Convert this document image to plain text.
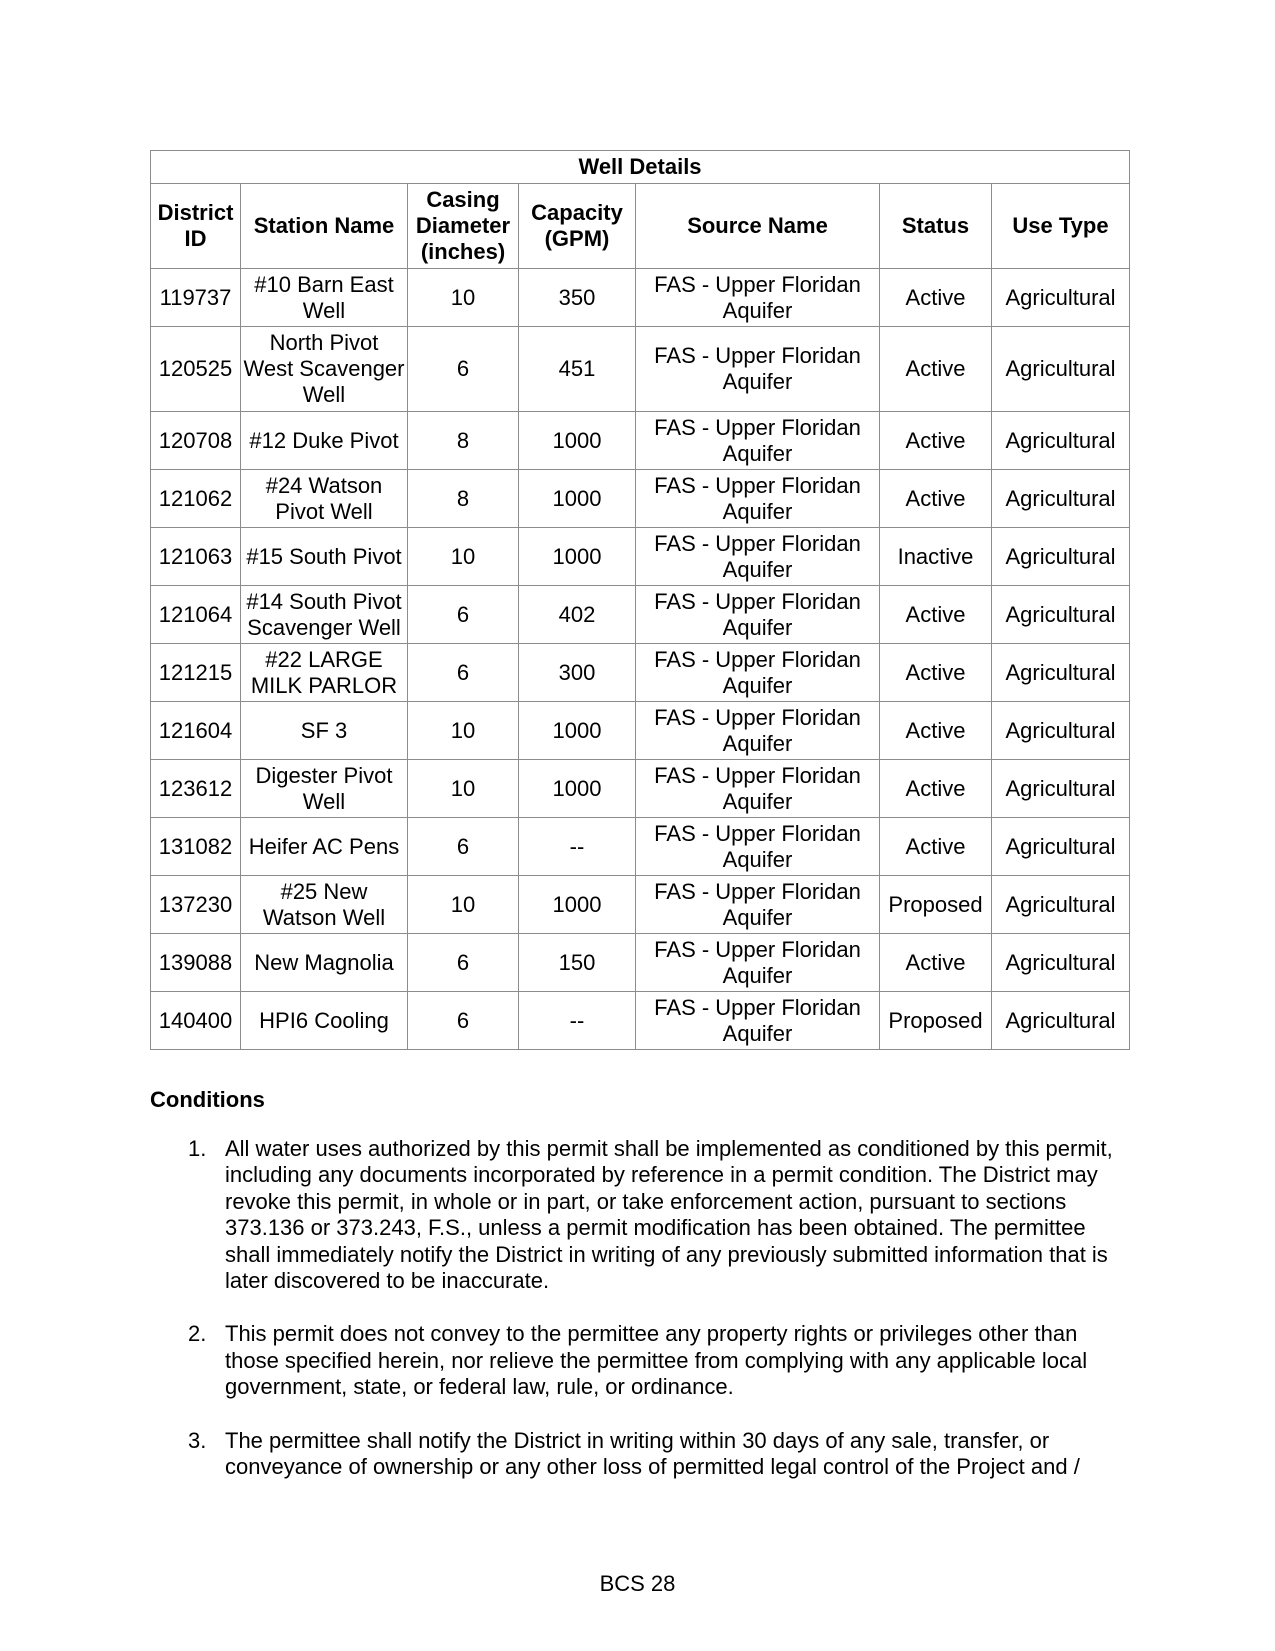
Well Details						
District ID	Station Name	Casing Diameter (inches)	Capacity (GPM)	Source Name	Status	Use Type
119737	#10 Barn East Well	10	350	FAS - Upper Floridan Aquifer	Active	Agricultural
120525	North Pivot West Scavenger Well	6	451	FAS - Upper Floridan Aquifer	Active	Agricultural
120708	#12 Duke Pivot	8	1000	FAS - Upper Floridan Aquifer	Active	Agricultural
121062	#24 Watson Pivot Well	8	1000	FAS - Upper Floridan Aquifer	Active	Agricultural
121063	#15 South Pivot	10	1000	FAS - Upper Floridan Aquifer	Inactive	Agricultural
121064	#14 South Pivot Scavenger Well	6	402	FAS - Upper Floridan Aquifer	Active	Agricultural
121215	#22 LARGE MILK PARLOR	6	300	FAS - Upper Floridan Aquifer	Active	Agricultural
121604	SF 3	10	1000	FAS - Upper Floridan Aquifer	Active	Agricultural
123612	Digester Pivot Well	10	1000	FAS - Upper Floridan Aquifer	Active	Agricultural
131082	Heifer AC Pens	6	--	FAS - Upper Floridan Aquifer	Active	Agricultural
137230	#25 New Watson Well	10	1000	FAS - Upper Floridan Aquifer	Proposed	Agricultural
139088	New Magnolia	6	150	FAS - Upper Floridan Aquifer	Active	Agricultural
140400	HPI6 Cooling	6	--	FAS - Upper Floridan Aquifer	Proposed	Agricultural
Conditions
1. All water uses authorized by this permit shall be implemented as conditioned by this permit, including any documents incorporated by reference in a permit condition. The District may revoke this permit, in whole or in part, or take enforcement action, pursuant to sections 373.136 or 373.243, F.S., unless a permit modification has been obtained. The permittee shall immediately notify the District in writing of any previously submitted information that is later discovered to be inaccurate.
2. This permit does not convey to the permittee any property rights or privileges other than those specified herein, nor relieve the permittee from complying with any applicable local government, state, or federal law, rule, or ordinance.
3. The permittee shall notify the District in writing within 30 days of any sale, transfer, or conveyance of ownership or any other loss of permitted legal control of the Project and /
BCS 28
